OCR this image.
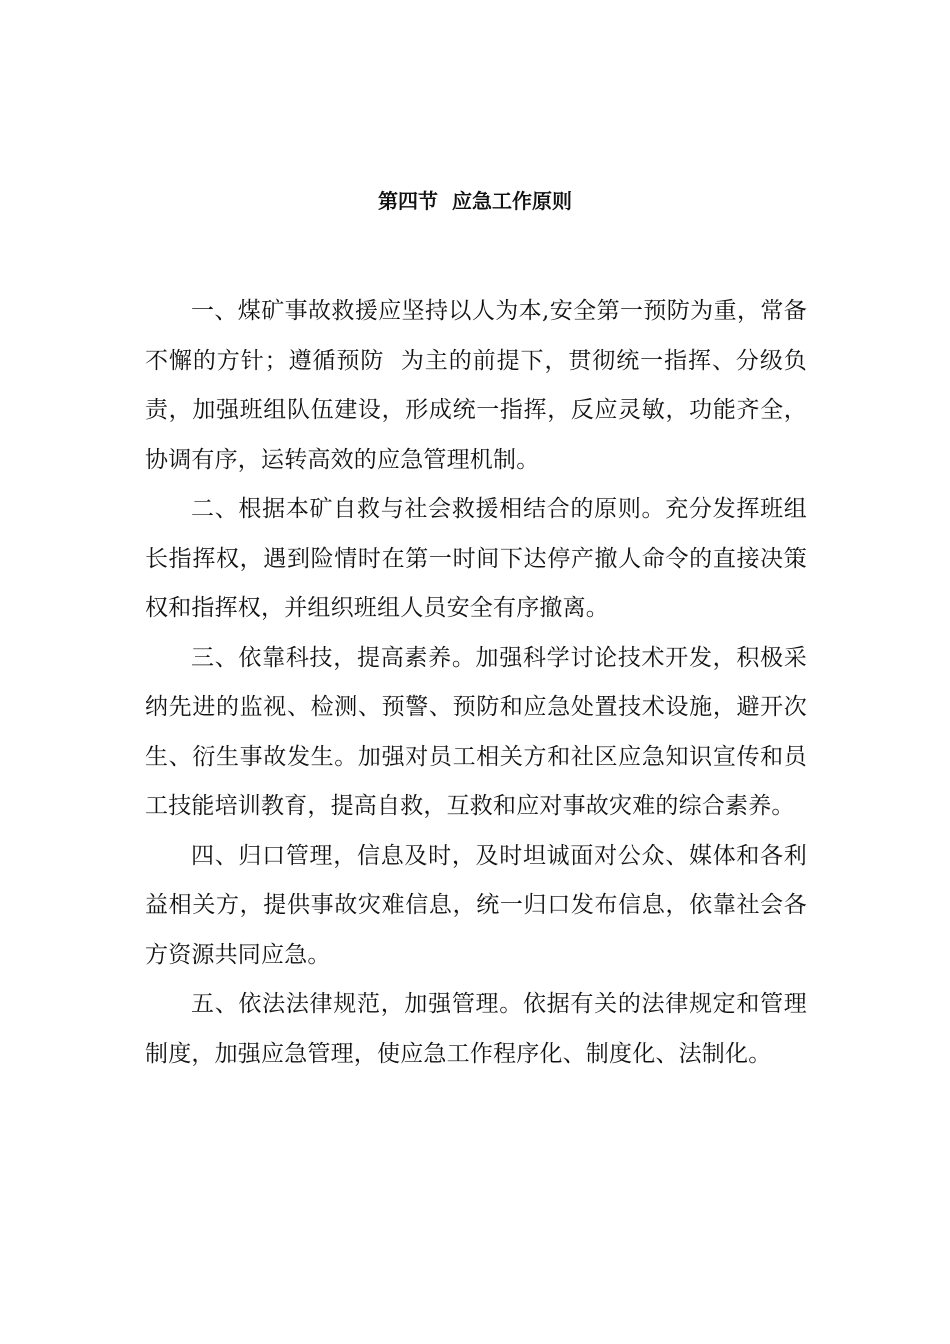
第四节  应急工作原则

一、煤矿事故救援应坚持以人为本,安全第一预防为重，常备不懈的方针；遵循预防  为主的前提下，贯彻统一指挥、分级负责，加强班组队伍建设，形成统一指挥，反应灵敏，功能齐全，协调有序，运转高效的应急管理机制。

二、根据本矿自救与社会救援相结合的原则。充分发挥班组长指挥权，遇到险情时在第一时间下达停产撤人命令的直接决策权和指挥权，并组织班组人员安全有序撤离。

三、依靠科技，提高素养。加强科学讨论技术开发，积极采纳先进的监视、检测、预警、预防和应急处置技术设施，避开次生、衍生事故发生。加强对员工相关方和社区应急知识宣传和员工技能培训教育，提高自救，互救和应对事故灾难的综合素养。

四、归口管理，信息及时，及时坦诚面对公众、媒体和各利益相关方，提供事故灾难信息，统一归口发布信息，依靠社会各方资源共同应急。

五、依法法律规范，加强管理。依据有关的法律规定和管理制度，加强应急管理，使应急工作程序化、制度化、法制化。
